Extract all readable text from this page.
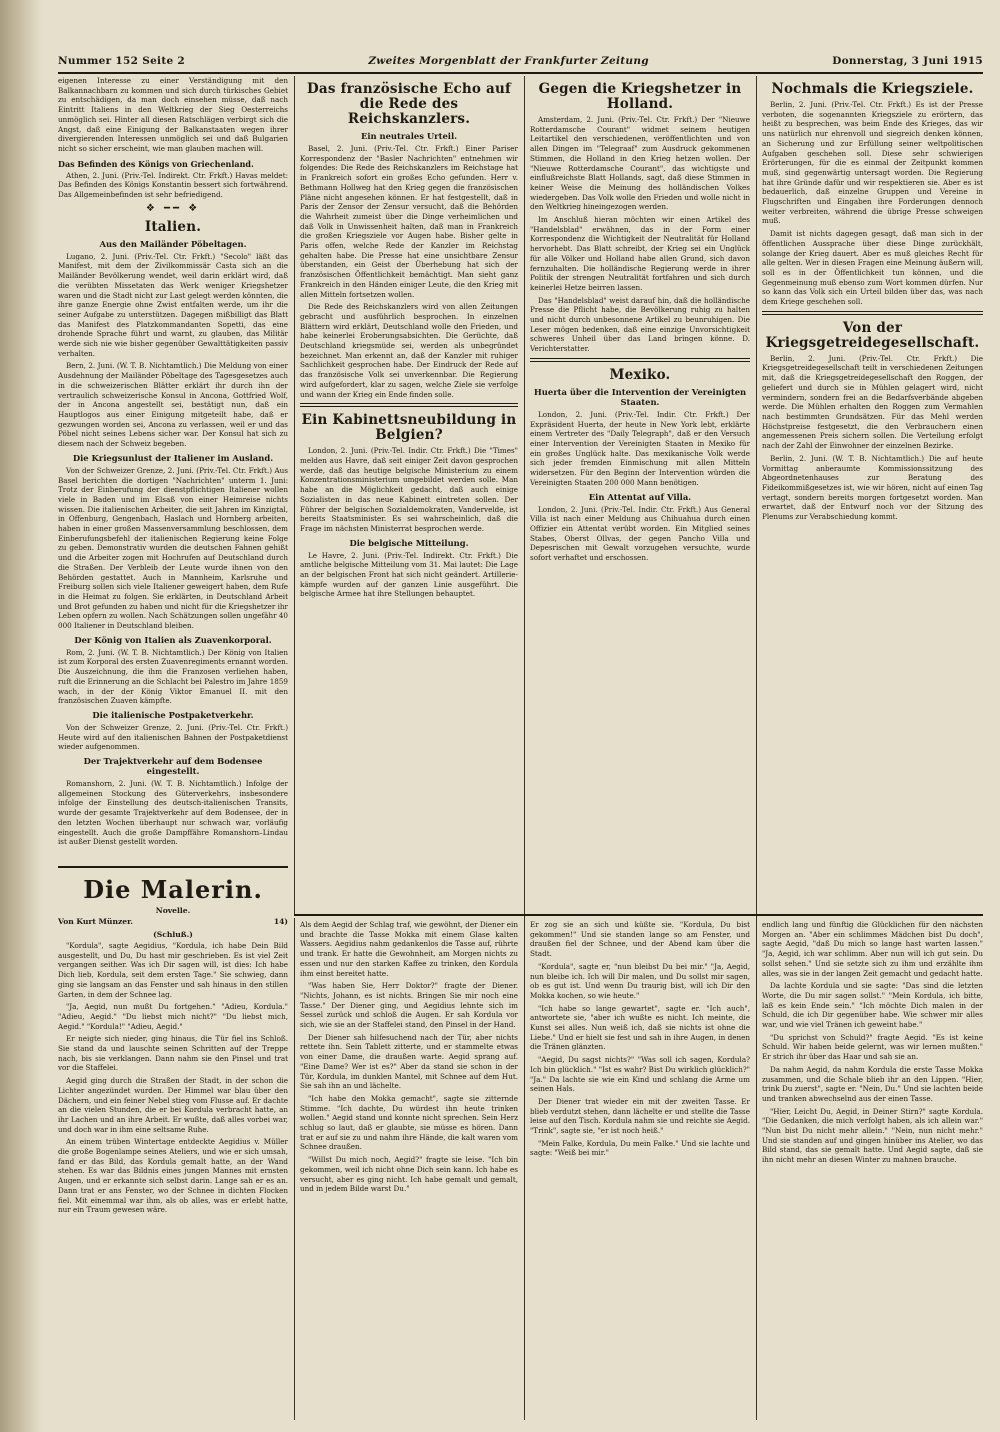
Nummer 152 Seite 2	Zweites Morgenblatt der Frankfurter Zeitung	Donnerstag, 3 Juni 1915

eigenen Interesse zu einer Verständigung mit den Balkannachbarn zu kommen und sich durch türkisches Gebiet zu entschädigen, da man doch einsehen müsse, daß nach Eintritt Italiens in den Weltkrieg der Sieg Oesterreichs unmöglich sei. Hinter all diesen Ratschlägen verbirgt sich die Angst, daß eine Einigung der Balkanstaaten wegen ihrer divergierenden Interessen unmöglich sei und daß Bulgarien nicht so sicher erscheint, wie man glauben machen will.

Das Befinden des Königs von Griechenland.

Athen, 2. Juni. (Priv.-Tel. Indirekt. Ctr. Frkft.) Havas meldet: Das Befinden des Königs Konstantin bessert sich fortwährend. Das Allgemeinbefinden ist sehr befriedigend.

❖ ━━ ❖
Italien.
Aus den Mailänder Pöbeltagen.

Lugano, 2. Juni. (Priv.-Tel. Ctr. Frkft.) "Secolo" läßt das Manifest, mit dem der Zivilkommissär Casta sich an die Mailänder Bevölkerung wendet, weil darin erklärt wird, daß die verübten Missetaten das Werk weniger Kriegshetzer waren und die Stadt nicht zur Last gelegt werden könnten, die ihre ganze Energie ohne Zwist entfalten werde, um ihr die seiner Aufgabe zu unterstützen. Dagegen mißbilligt das Blatt das Manifest des Platzkommandanten Sopetti, das eine drohende Sprache führt und warnt, zu glauben, das Militär werde sich nie wie bisher gegenüber Gewalttätigkeiten passiv verhalten.

Bern, 2. Juni. (W. T. B. Nichtamtlich.) Die Meldung von einer Ausdehnung der Mailänder Pöbeltage des Tagesgesetzes auch in die schweizerischen Blätter erklärt ihr durch ihn der vertraulich schweizerische Konsul in Ancona, Gottfried Wolf, der in Ancona angestellt sei, bestätigt nun, daß ein Hauptlogos aus einer Einigung mitgeteilt habe, daß er gezwungen worden sei, Ancona zu verlassen, weil er und das Pöbel nicht seines Lebens sicher war. Der Konsul hat sich zu diesem nach der Schweiz begeben.

Die Kriegsunlust der Italiener im Ausland.

Von der Schweizer Grenze, 2. Juni. (Priv.-Tel. Ctr. Frkft.) Aus Basel berichten die dortigen "Nachrichten" unterm 1. Juni: Trotz der Einberufung der dienstpflichtigen Italiener wollen viele in Baden und im Elsaß von einer Heimreise nichts wissen. Die italienischen Arbeiter, die seit Jahren im Kinzigtal, in Offenburg, Gengenbach, Haslach und Hornberg arbeiten, haben in einer großen Massenversammlung beschlossen, dem Einberufungsbefehl der italienischen Regierung keine Folge zu geben. Demonstrativ wurden die deutschen Fahnen gehißt und die Arbeiter zogen mit Hochrufen auf Deutschland durch die Straßen. Der Verbleib der Leute wurde ihnen von den Behörden gestattet. Auch in Mannheim, Karlsruhe und Freiburg sollen sich viele Italiener geweigert haben, dem Rufe in die Heimat zu folgen. Sie erklärten, in Deutschland Arbeit und Brot gefunden zu haben und nicht für die Kriegshetzer ihr Leben opfern zu wollen. Nach Schätzungen sollen ungefähr 40 000 Italiener in Deutschland bleiben.

Der König von Italien als Zuavenkorporal.

Rom, 2. Juni. (W. T. B. Nichtamtlich.) Der König von Italien ist zum Korporal des ersten Zuavenregiments ernannt worden. Die Auszeichnung, die ihm die Franzosen verliehen haben, ruft die Erinnerung an die Schlacht bei Palestro im Jahre 1859 wach, in der der König Viktor Emanuel II. mit den französischen Zuaven kämpfte.

Die italienische Postpaketverkehr.

Von der Schweizer Grenze, 2. Juni. (Priv.-Tel. Ctr. Frkft.) Heute wird auf den italienischen Bahnen der Postpaketdienst wieder aufgenommen.

Der Trajektverkehr auf dem Bodensee eingestellt.

Romanshorn, 2. Juni. (W. T. B. Nichtamtlich.) Infolge der allgemeinen Stockung des Güterverkehrs, insbesondere infolge der Einstellung des deutsch-italienischen Transits, wurde der gesamte Trajektverkehr auf dem Bodensee, der in den letzten Wochen überhaupt nur schwach war, vorläufig eingestellt. Auch die große Dampffähre Romanshorn–Lindau ist außer Dienst gestellt worden.

Das französische Echo auf die Rede des Reichskanzlers.
Ein neutrales Urteil.

Basel, 2. Juni. (Priv.-Tel. Ctr. Frkft.) Einer Pariser Korrespondenz der "Basler Nachrichten" entnehmen wir folgendes: Die Rede des Reichskanzlers im Reichstage hat in Frankreich sofort ein großes Echo gefunden. Herr v. Bethmann Hollweg hat den Krieg gegen die französischen Pläne nicht angesehen können. Er hat festgestellt, daß in Paris der Zensor der Zensur versucht, daß die Behörden die Wahrheit zumeist über die Dinge verheimlichen und daß Volk in Unwissenheit halten, daß man in Frankreich die großen Kriegsziele vor Augen habe. Bisher gelte in Paris offen, welche Rede der Kanzler im Reichstag gehalten habe. Die Presse hat eine unsichtbare Zensur überstanden, ein Geist der Überhebung hat sich der französischen Öffentlichkeit bemächtigt. Man sieht ganz Frankreich in den Händen einiger Leute, die den Krieg mit allen Mitteln fortsetzen wollen.

Die Rede des Reichskanzlers wird von allen Zeitungen gebracht und ausführlich besprochen. In einzelnen Blättern wird erklärt, Deutschland wolle den Frieden, und habe keinerlei Eroberungsabsichten. Die Gerüchte, daß Deutschland kriegsmüde sei, werden als unbegründet bezeichnet. Man erkennt an, daß der Kanzler mit ruhiger Sachlichkeit gesprochen habe. Der Eindruck der Rede auf das französische Volk sei unverkennbar. Die Regierung wird aufgefordert, klar zu sagen, welche Ziele sie verfolge und wann der Krieg ein Ende finden solle.

Ein Kabinettsneubildung in Belgien?

London, 2. Juni. (Priv.-Tel. Indir. Ctr. Frkft.) Die "Times" melden aus Havre, daß seit einiger Zeit davon gesprochen werde, daß das heutige belgische Ministerium zu einem Konzentrationsministerium umgebildet werden solle. Man habe an die Möglichkeit gedacht, daß auch einige Sozialisten in das neue Kabinett eintreten sollen. Der Führer der belgischen Sozialdemokraten, Vandervelde, ist bereits Staatsminister. Es sei wahrscheinlich, daß die Frage im nächsten Ministerrat besprochen werde.

Die belgische Mitteilung.

Le Havre, 2. Juni. (Priv.-Tel. Indirekt. Ctr. Frkft.) Die amtliche belgische Mitteilung vom 31. Mai lautet: Die Lage an der belgischen Front hat sich nicht geändert. Artillerie-kämpfe wurden auf der ganzen Linie ausgeführt. Die belgische Armee hat ihre Stellungen behauptet.

Gegen die Kriegshetzer in Holland.

Amsterdam, 2. Juni. (Priv.-Tel. Ctr. Frkft.) Der "Nieuwe Rotterdamsche Courant" widmet seinem heutigen Leitartikel den verschiedenen, veröffentlichten und von allen Dingen im "Telegraaf" zum Ausdruck gekommenen Stimmen, die Holland in den Krieg hetzen wollen. Der "Nieuwe Rotterdamsche Courant", das wichtigste und einflußreichste Blatt Hollands, sagt, daß diese Stimmen in keiner Weise die Meinung des holländischen Volkes wiedergeben. Das Volk wolle den Frieden und wolle nicht in den Weltkrieg hineingezogen werden.

Im Anschluß hieran möchten wir einen Artikel des "Handelsblad" erwähnen, das in der Form einer Korrespondenz die Wichtigkeit der Neutralität für Holland hervorhebt. Das Blatt schreibt, der Krieg sei ein Unglück für alle Völker und Holland habe allen Grund, sich davon fernzuhalten. Die holländische Regierung werde in ihrer Politik der strengen Neutralität fortfahren und sich durch keinerlei Hetze beirren lassen.

Das "Handelsblad" weist darauf hin, daß die holländische Presse die Pflicht habe, die Bevölkerung ruhig zu halten und nicht durch unbesonnene Artikel zu beunruhigen. Die Leser mögen bedenken, daß eine einzige Unvorsichtigkeit schweres Unheil über das Land bringen könne. D. Verichterstatter.

Mexiko.
Huerta über die Intervention der Vereinigten Staaten.

London, 2. Juni. (Priv.-Tel. Indir. Ctr. Frkft.) Der Expräsident Huerta, der heute in New York lebt, erklärte einem Vertreter des "Daily Telegraph", daß er den Versuch einer Intervention der Vereinigten Staaten in Mexiko für ein großes Unglück halte. Das mexikanische Volk werde sich jeder fremden Einmischung mit allen Mitteln widersetzen. Für den Beginn der Intervention würden die Vereinigten Staaten 200 000 Mann benötigen.

Ein Attentat auf Villa.

London, 2. Juni. (Priv.-Tel. Indir. Ctr. Frkft.) Aus General Villa ist nach einer Meldung aus Chihuahua durch einen Offizier ein Attentat verübt worden. Ein Mitglied seines Stabes, Oberst Ollvas, der gegen Pancho Villa und Depesrischen mit Gewalt vorzugehen versuchte, wurde sofort verhaftet und erschossen.

Nochmals die Kriegsziele.

Berlin, 2. Juni. (Priv.-Tel. Ctr. Frkft.) Es ist der Presse verboten, die sogenannten Kriegsziele zu erörtern, das heißt zu besprechen, was beim Ende des Krieges, das wir uns natürlich nur ehrenvoll und siegreich denken können, an Sicherung und zur Erfüllung seiner weltpolitischen Aufgaben geschehen soll. Diese sehr schwierigen Erörterungen, für die es einmal der Zeitpunkt kommen muß, sind gegenwärtig untersagt worden. Die Regierung hat ihre Gründe dafür und wir respektieren sie. Aber es ist bedauerlich, daß einzelne Gruppen und Vereine in Flugschriften und Eingaben ihre Forderungen dennoch weiter verbreiten, während die übrige Presse schweigen muß.

Damit ist nichts dagegen gesagt, daß man sich in der öffentlichen Aussprache über diese Dinge zurückhält, solange der Krieg dauert. Aber es muß gleiches Recht für alle gelten. Wer in diesen Fragen eine Meinung äußern will, soll es in der Öffentlichkeit tun können, und die Gegenmeinung muß ebenso zum Wort kommen dürfen. Nur so kann das Volk sich ein Urteil bilden über das, was nach dem Kriege geschehen soll.

Von der Kriegsgetreidegesellschaft.

Berlin, 2. Juni. (Priv.-Tel. Ctr. Frkft.) Die Kriegsgetreidegesellschaft teilt in verschiedenen Zeitungen mit, daß die Kriegsgetreidegesellschaft den Roggen, der geliefert und durch sie in Mühlen gelagert wird, nicht vermindern, sondern frei an die Bedarfsverbände abgeben werde. Die Mühlen erhalten den Roggen zum Vermahlen nach bestimmten Grundsätzen. Für das Mehl werden Höchstpreise festgesetzt, die den Verbrauchern einen angemessenen Preis sichern sollen. Die Verteilung erfolgt nach der Zahl der Einwohner der einzelnen Bezirke.

Berlin, 2. Juni. (W. T. B. Nichtamtlich.) Die auf heute Vormittag anberaumte Kommissionssitzung des Abgeordnetenhauses zur Beratung des Fideikommißgesetzes ist, wie wir hören, nicht auf einen Tag vertagt, sondern bereits morgen fortgesetzt worden. Man erwartet, daß der Entwurf noch vor der Sitzung des Plenums zur Verabschiedung kommt.

Die Malerin.
Novelle.
Von Kurt Münzer.	14)
(Schluß.)

"Kordula", sagte Aegidius, "Kordula, ich habe Dein Bild ausgestellt, und Du, Du hast mir geschrieben. Es ist viel Zeit vergangen seither. Was ich Dir sagen will, ist dies: Ich habe Dich lieb, Kordula, seit dem ersten Tage." Sie schwieg, dann ging sie langsam an das Fenster und sah hinaus in den stillen Garten, in dem der Schnee lag.

"Ja, Aegid, nun mußt Du fortgehen." "Adieu, Kordula." "Adieu, Aegid." "Du liebst mich nicht?" "Du liebst mich, Aegid." "Kordula!" "Adieu, Aegid."

Er neigte sich nieder, ging hinaus, die Tür fiel ins Schloß. Sie stand da und lauschte seinen Schritten auf der Treppe nach, bis sie verklangen. Dann nahm sie den Pinsel und trat vor die Staffelei.

Aegid ging durch die Straßen der Stadt, in der schon die Lichter angezündet wurden. Der Himmel war blau über den Dächern, und ein feiner Nebel stieg vom Flusse auf. Er dachte an die vielen Stunden, die er bei Kordula verbracht hatte, an ihr Lachen und an ihre Arbeit. Er wußte, daß alles vorbei war, und doch war in ihm eine seltsame Ruhe.

An einem trüben Wintertage entdeckte Aegidius v. Müller die große Bogenlampe seines Ateliers, und wie er sich umsah, fand er das Bild, das Kordula gemalt hatte, an der Wand stehen. Es war das Bildnis eines jungen Mannes mit ernsten Augen, und er erkannte sich selbst darin. Lange sah er es an. Dann trat er ans Fenster, wo der Schnee in dichten Flocken fiel. Mit einemmal war ihm, als ob alles, was er erlebt hatte, nur ein Traum gewesen wäre.

Als dem Aegid der Schlag traf, wie gewöhnt, der Diener ein und brachte die Tasse Mokka mit einem Glase kalten Wassers. Aegidius nahm gedankenlos die Tasse auf, rührte und trank. Er hatte die Gewohnheit, am Morgen nichts zu essen und nur den starken Kaffee zu trinken, den Kordula ihm einst bereitet hatte.

"Was haben Sie, Herr Doktor?" fragte der Diener. "Nichts, Johann, es ist nichts. Bringen Sie mir noch eine Tasse." Der Diener ging, und Aegidius lehnte sich im Sessel zurück und schloß die Augen. Er sah Kordula vor sich, wie sie an der Staffelei stand, den Pinsel in der Hand.

Der Diener sah hilfesuchend nach der Tür, aber nichts rettete ihn. Sein Tablett zitterte, und er stammelte etwas von einer Dame, die draußen warte. Aegid sprang auf. "Eine Dame? Wer ist es?" Aber da stand sie schon in der Tür, Kordula, im dunklen Mantel, mit Schnee auf dem Hut. Sie sah ihn an und lächelte.

"Ich habe den Mokka gemacht", sagte sie zitternde Stimme. "Ich dachte, Du würdest ihn heute trinken wollen." Aegid stand und konnte nicht sprechen. Sein Herz schlug so laut, daß er glaubte, sie müsse es hören. Dann trat er auf sie zu und nahm ihre Hände, die kalt waren vom Schnee draußen.

"Willst Du mich noch, Aegid?" fragte sie leise. "Ich bin gekommen, weil ich nicht ohne Dich sein kann. Ich habe es versucht, aber es ging nicht. Ich habe gemalt und gemalt, und in jedem Bilde warst Du."

Er zog sie an sich und küßte sie. "Kordula, Du bist gekommen!" Und sie standen lange so am Fenster, und draußen fiel der Schnee, und der Abend kam über die Stadt.

"Kordula", sagte er, "nun bleibst Du bei mir." "Ja, Aegid, nun bleibe ich. Ich will Dir malen, und Du sollst mir sagen, ob es gut ist. Und wenn Du traurig bist, will ich Dir den Mokka kochen, so wie heute."

"Ich habe so lange gewartet", sagte er. "Ich auch", antwortete sie, "aber ich wußte es nicht. Ich meinte, die Kunst sei alles. Nun weiß ich, daß sie nichts ist ohne die Liebe." Und er hielt sie fest und sah in ihre Augen, in denen die Tränen glänzten.

"Aegid, Du sagst nichts?" "Was soll ich sagen, Kordula? Ich bin glücklich." "Ist es wahr? Bist Du wirklich glücklich?" "Ja." Da lachte sie wie ein Kind und schlang die Arme um seinen Hals.

Der Diener trat wieder ein mit der zweiten Tasse. Er blieb verdutzt stehen, dann lächelte er und stellte die Tasse leise auf den Tisch. Kordula nahm sie und reichte sie Aegid. "Trink", sagte sie, "er ist noch heiß."

"Mein Falke, Kordula, Du mein Falke." Und sie lachte und sagte: "Weiß bei mir."

endlich lang und fünftig die Glücklichen für den nächsten Morgen an. "Aber ein schlimmes Mädchen bist Du doch", sagte Aegid, "daß Du mich so lange hast warten lassen." "Ja, Aegid, ich war schlimm. Aber nun will ich gut sein. Du sollst sehen." Und sie setzte sich zu ihm und erzählte ihm alles, was sie in der langen Zeit gemacht und gedacht hatte.

Da lachte Kordula und sie sagte: "Das sind die letzten Worte, die Du mir sagen sollst." "Mein Kordula, ich bitte, laß es kein Ende sein." "Ich möchte Dich malen in der Schuld, die ich Dir gegenüber habe. Wie schwer mir alles war, und wie viel Tränen ich geweint habe."

"Du sprichst von Schuld?" fragte Aegid. "Es ist keine Schuld. Wir haben beide gelernt, was wir lernen mußten." Er strich ihr über das Haar und sah sie an.

Da nahm Aegid, da nahm Kordula die erste Tasse Mokka zusammen, und die Schale blieb ihr an den Lippen. "Hier, trink Du zuerst", sagte er. "Nein, Du." Und sie lachten beide und tranken abwechselnd aus der einen Tasse.

"Hier, Leicht Du, Aegid, in Deiner Stirn?" sagte Kordula. "Die Gedanken, die mich verfolgt haben, als ich allein war." "Nun bist Du nicht mehr allein." "Nein, nun nicht mehr." Und sie standen auf und gingen hinüber ins Atelier, wo das Bild stand, das sie gemalt hatte. Und Aegid sagte, daß sie ihn nicht mehr an diesen Winter zu mahnen brauche.
